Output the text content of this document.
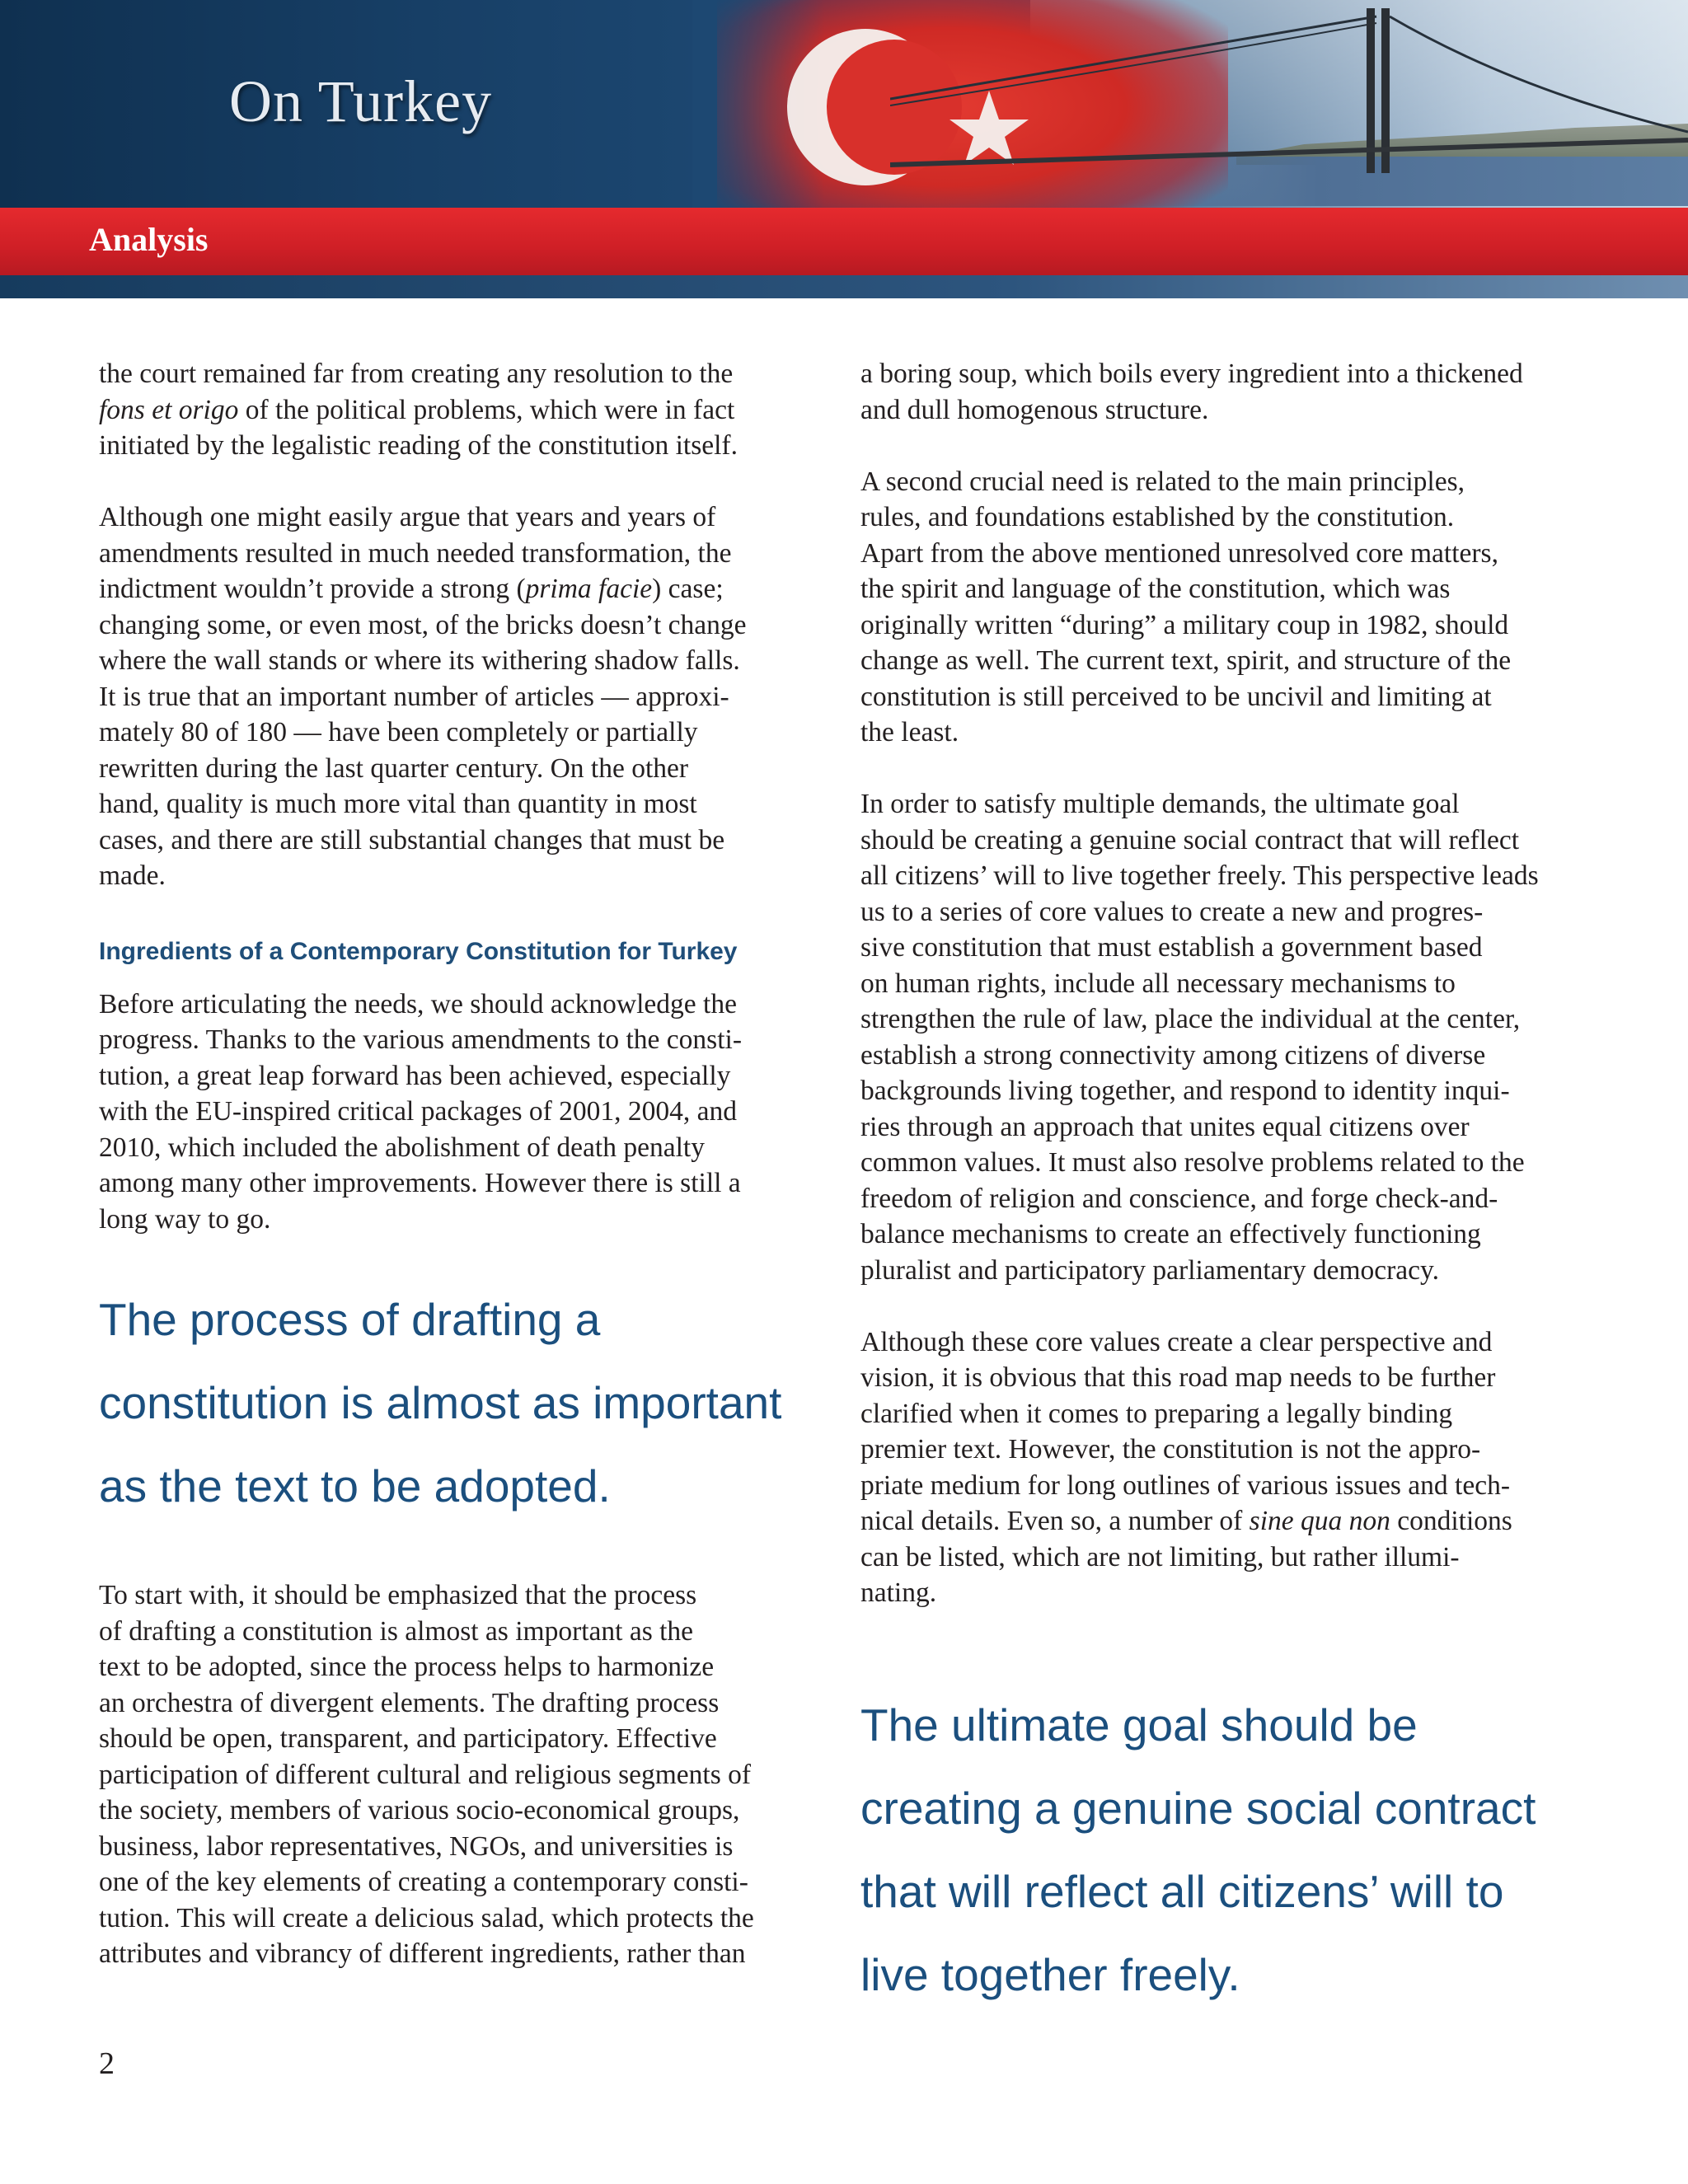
On Turkey
Analysis

the court remained far from creating any resolution to the
fons et origo of the political problems, which were in fact
initiated by the legalistic reading of the constitution itself.

Although one might easily argue that years and years of
amendments resulted in much needed transformation, the
indictment wouldn’t provide a strong (prima facie) case;
changing some, or even most, of the bricks doesn’t change
where the wall stands or where its withering shadow falls.
It is true that an important number of articles — approxi-
mately 80 of 180 — have been completely or partially
rewritten during the last quarter century. On the other
hand, quality is much more vital than quantity in most
cases, and there are still substantial changes that must be
made.

Ingredients of a Contemporary Constitution for Turkey

Before articulating the needs, we should acknowledge the
progress. Thanks to the various amendments to the consti-
tution, a great leap forward has been achieved, especially
with the EU-inspired critical packages of 2001, 2004, and
2010, which included the abolishment of death penalty
among many other improvements. However there is still a
long way to go.

The process of drafting a
constitution is almost as important
as the text to be adopted.

To start with, it should be emphasized that the process
of drafting a constitution is almost as important as the
text to be adopted, since the process helps to harmonize
an orchestra of divergent elements. The drafting process
should be open, transparent, and participatory. Effective
participation of different cultural and religious segments of
the society, members of various socio-economical groups,
business, labor representatives, NGOs, and universities is
one of the key elements of creating a contemporary consti-
tution. This will create a delicious salad, which protects the
attributes and vibrancy of different ingredients, rather than

a boring soup, which boils every ingredient into a thickened
and dull homogenous structure.

A second crucial need is related to the main principles,
rules, and foundations established by the constitution.
Apart from the above mentioned unresolved core matters,
the spirit and language of the constitution, which was
originally written “during” a military coup in 1982, should
change as well. The current text, spirit, and structure of the
constitution is still perceived to be uncivil and limiting at
the least.

In order to satisfy multiple demands, the ultimate goal
should be creating a genuine social contract that will reflect
all citizens’ will to live together freely. This perspective leads
us to a series of core values to create a new and progres-
sive constitution that must establish a government based
on human rights, include all necessary mechanisms to
strengthen the rule of law, place the individual at the center,
establish a strong connectivity among citizens of diverse
backgrounds living together, and respond to identity inqui-
ries through an approach that unites equal citizens over
common values. It must also resolve problems related to the
freedom of religion and conscience, and forge check-and-
balance mechanisms to create an effectively functioning
pluralist and participatory parliamentary democracy.

Although these core values create a clear perspective and
vision, it is obvious that this road map needs to be further
clarified when it comes to preparing a legally binding
premier text. However, the constitution is not the appro-
priate medium for long outlines of various issues and tech-
nical details. Even so, a number of sine qua non conditions
can be listed, which are not limiting, but rather illumi-
nating.

The ultimate goal should be
creating a genuine social contract
that will reflect all citizens’ will to
live together freely.

2
